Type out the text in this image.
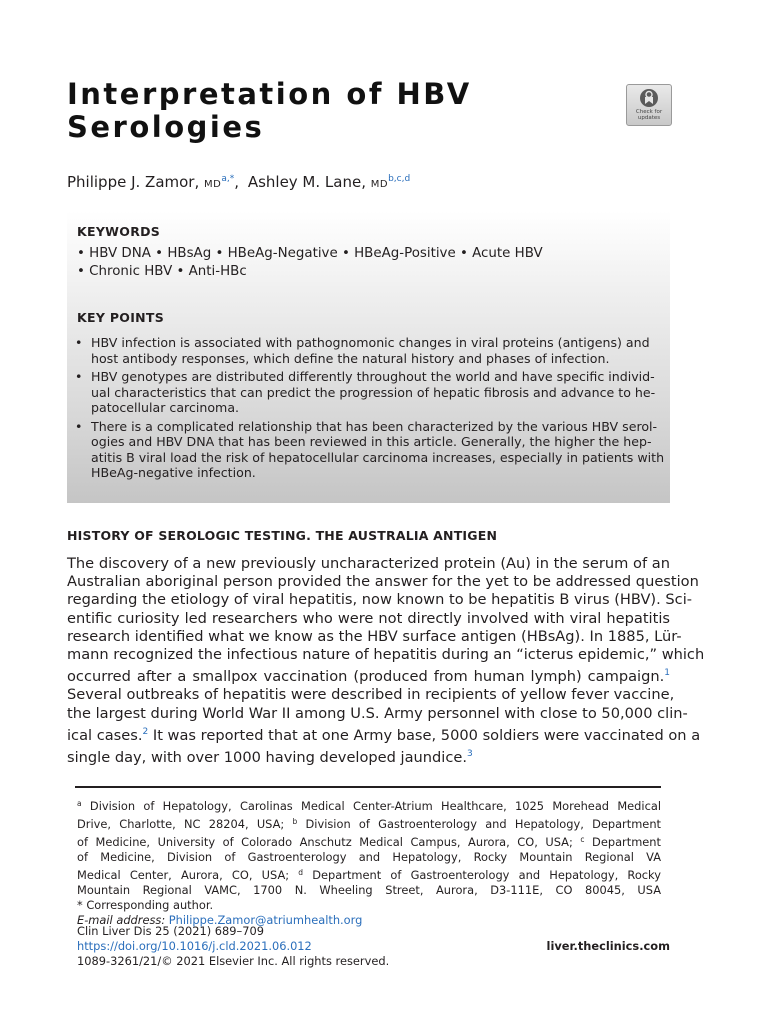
Interpretation of HBV
Serologies	Check for
updates
Philippe J. Zamor, $MD^{a,*}$, Ashley M. Lane, MD$^{b,c,d}$
KEYWORDS
• HBV DNA • HBsAg • HBeAg-Negative • HBeAg-Positive • Acute HBV
• Chronic HBV • Anti-HBc
KEY POINTS
• HBV infection is associated with pathognomonic changes in viral proteins (antigens) and
host antibody responses, which define the natural history and phases of infection.
• HBV genotypes are distributed differently throughout the world and have specific individ-
ual characteristics that can predict the progression of hepatic fibrosis and advance to he-
patocellular carcinoma.
• There is a complicated relationship that has been characterized by the various HBV serol-
ogies and HBV DNA that has been reviewed in this article. Generally, the higher the hep-
atitis B viral load the risk of hepatocellular carcinoma increases, especially in patients with
HBeAg-negative infection.
HISTORY OF SEROLOGIC TESTING. THE AUSTRALIA ANTIGEN
The discovery of a new previously uncharacterized protein (Au) in the serum of an
Australian aboriginal person provided the answer for the yet to be addressed question
regarding the etiology of viral hepatitis, now known to be hepatitis B virus (HBV). Sci-
entific curiosity led researchers who were not directly involved with viral hepatitis
research identified what we know as the HBV surface antigen (HBsAg). In 1885, Lür-
mann recognized the infectious nature of hepatitis during an “icterus epidemic,” which
occurred after a smallpox vaccination (produced from human lymph) campaign.$^1$
Several outbreaks of hepatitis were described in recipients of yellow fever vaccine,
the largest during World War II among U.S. Army personnel with close to 50,000 clin-
ical cases.$^2$ It was reported that at one Army base, 5000 soldiers were vaccinated on a
single day, with over 1000 having developed jaundice.$^3$
$^a$ Division of Hepatology, Carolinas Medical Center-Atrium Healthcare, 1025 Morehead Medical
Drive, Charlotte, NC 28204, USA; $^b$ Division of Gastroenterology and Hepatology, Department
of Medicine, University of Colorado Anschutz Medical Campus, Aurora, CO, USA; $^c$ Department
of Medicine, Division of Gastroenterology and Hepatology, Rocky Mountain Regional VA
Medical Center, Aurora, CO, USA; $^d$ Department of Gastroenterology and Hepatology, Rocky
Mountain Regional VAMC, 1700 N. Wheeling Street, Aurora, D3-111E, CO 80045, USA
* Corresponding author.
E-mail address: Philippe.Zamor@atriumhealth.org
Clin Liver Dis 25 (2021) 689–709
https://doi.org/10.1016/j.cld.2021.06.012
1089-3261/21/© 2021 Elsevier Inc. All rights reserved.
liver.theclinics.com
